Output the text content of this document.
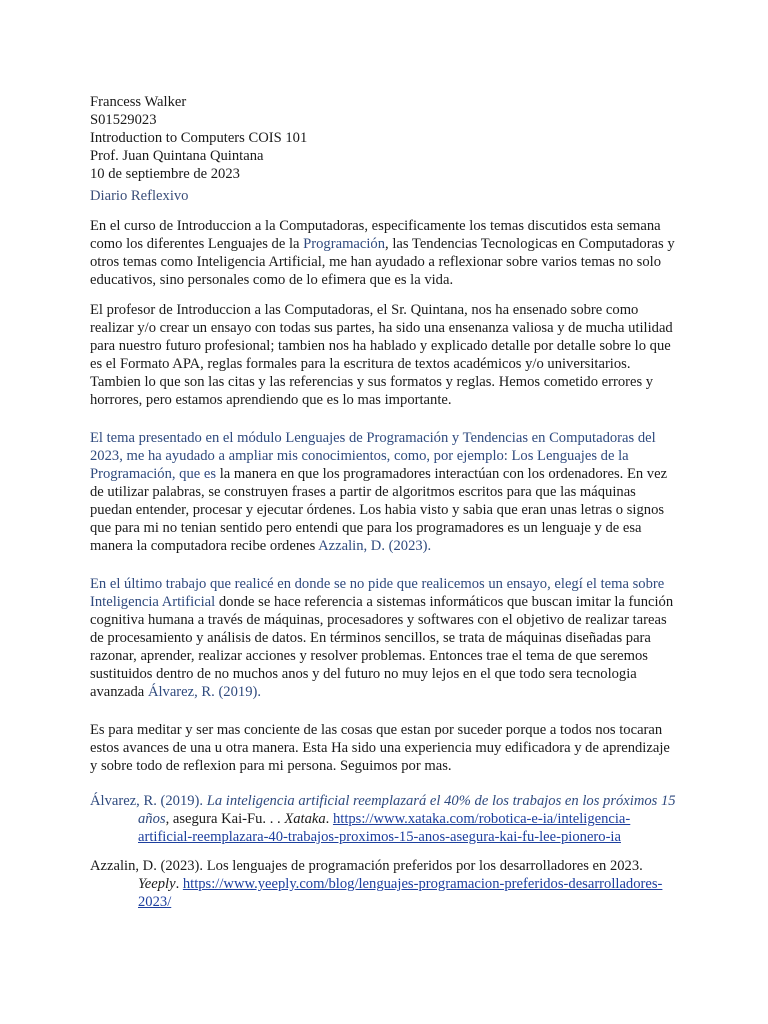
Francess Walker
S01529023
Introduction to Computers COIS 101
Prof. Juan Quintana Quintana
10 de septiembre de 2023

Diario Reflexivo

En el curso de Introduccion a la Computadoras, especificamente los temas discutidos esta semana como los diferentes Lenguajes de la Programación, las Tendencias Tecnologicas en Computadoras y otros temas como Inteligencia Artificial, me han ayudado a reflexionar sobre varios temas no solo educativos, sino personales como de lo efimera que es la vida.

El profesor de Introduccion a las Computadoras, el Sr. Quintana, nos ha ensenado sobre como realizar y/o crear un ensayo con todas sus partes, ha sido una ensenanza valiosa y de mucha utilidad para nuestro futuro profesional; tambien nos ha hablado y explicado detalle por detalle sobre lo que es el Formato APA, reglas formales para la escritura de textos académicos y/o universitarios. Tambien lo que son las citas y las referencias y sus formatos y reglas. Hemos cometido errores y horrores, pero estamos aprendiendo que es lo mas importante.

El tema presentado en el módulo Lenguajes de Programación y Tendencias en Computadoras del 2023, me ha ayudado a ampliar mis conocimientos, como, por ejemplo: Los Lenguajes de la Programación, que es la manera en que los programadores interactúan con los ordenadores. En vez de utilizar palabras, se construyen frases a partir de algoritmos escritos para que las máquinas puedan entender, procesar y ejecutar órdenes. Los habia visto y sabia que eran unas letras o signos que para mi no tenian sentido pero entendi que para los programadores es un lenguaje y de esa manera la computadora recibe ordenes Azzalin, D. (2023).

En el último trabajo que realicé en donde se no pide que realicemos un ensayo, elegí el tema sobre Inteligencia Artificial donde se hace referencia a sistemas informáticos que buscan imitar la función cognitiva humana a través de máquinas, procesadores y softwares con el objetivo de realizar tareas de procesamiento y análisis de datos. En términos sencillos, se trata de máquinas diseñadas para razonar, aprender, realizar acciones y resolver problemas. Entonces trae el tema de que seremos sustituidos dentro de no muchos anos y del futuro no muy lejos en el que todo sera tecnologia avanzada Álvarez, R. (2019).

Es para meditar y ser mas conciente de las cosas que estan por suceder porque a todos nos tocaran estos avances de una u otra manera. Esta Ha sido una experiencia muy edificadora y de aprendizaje y sobre todo de reflexion para mi persona. Seguimos por mas.

Álvarez, R. (2019). La inteligencia artificial reemplazará el 40% de los trabajos en los próximos 15 años, asegura Kai-Fu. . . Xataka. https://www.xataka.com/robotica-e-ia/inteligencia-artificial-reemplazara-40-trabajos-proximos-15-anos-asegura-kai-fu-lee-pionero-ia

Azzalin, D. (2023). Los lenguajes de programación preferidos por los desarrolladores en 2023. Yeeply. https://www.yeeply.com/blog/lenguajes-programacion-preferidos-desarrolladores-2023/
